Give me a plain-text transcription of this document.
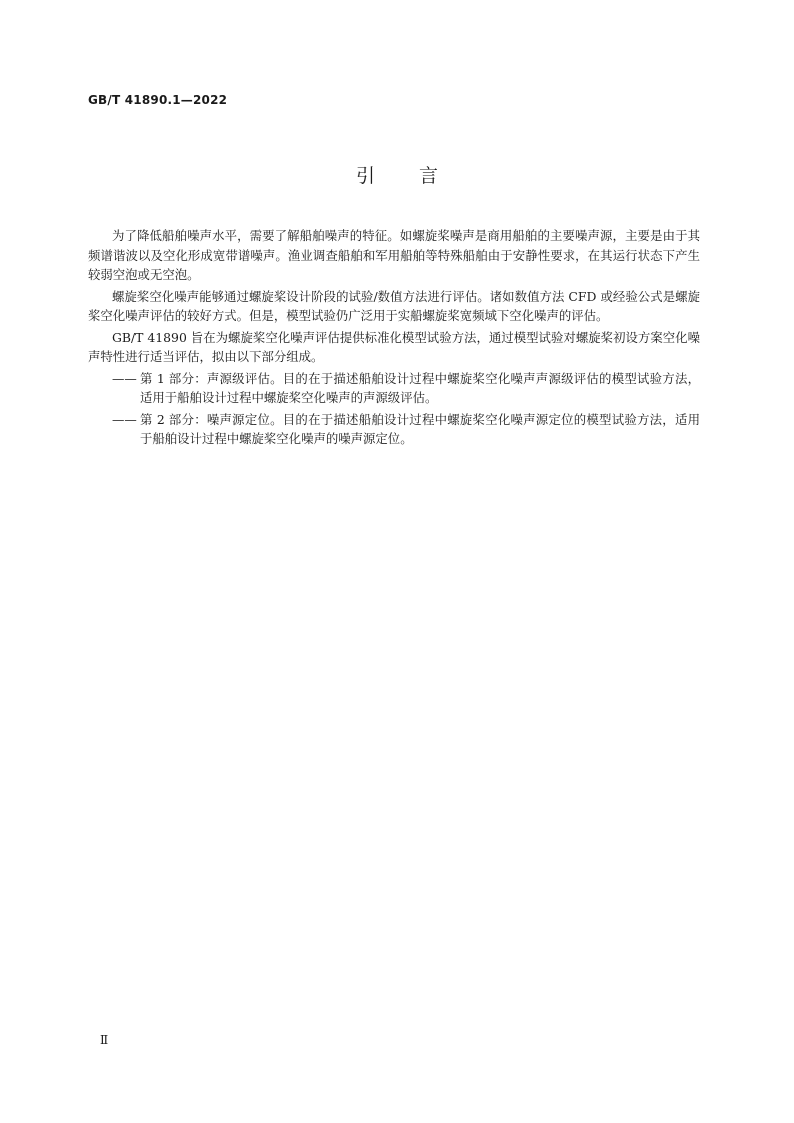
GB/T 41890.1—2022
引言

为了降低船舶噪声水平，需要了解船舶噪声的特征。如螺旋桨噪声是商用船舶的主要噪声源，主要是由于其频谱谐波以及空化形成宽带谱噪声。渔业调查船舶和军用船舶等特殊船舶由于安静性要求，在其运行状态下产生较弱空泡或无空泡。

螺旋桨空化噪声能够通过螺旋桨设计阶段的试验/数值方法进行评估。诸如数值方法 CFD 或经验公式是螺旋桨空化噪声评估的较好方式。但是，模型试验仍广泛用于实船螺旋桨宽频域下空化噪声的评估。

GB/T 41890 旨在为螺旋桨空化噪声评估提供标准化模型试验方法，通过模型试验对螺旋桨初设方案空化噪声特性进行适当评估，拟由以下部分组成。

—— 第 1 部分：声源级评估。目的在于描述船舶设计过程中螺旋桨空化噪声声源级评估的模型试验方法，适用于船舶设计过程中螺旋桨空化噪声的声源级评估。
—— 第 2 部分：噪声源定位。目的在于描述船舶设计过程中螺旋桨空化噪声源定位的模型试验方法，适用于船舶设计过程中螺旋桨空化噪声的噪声源定位。
Ⅱ
